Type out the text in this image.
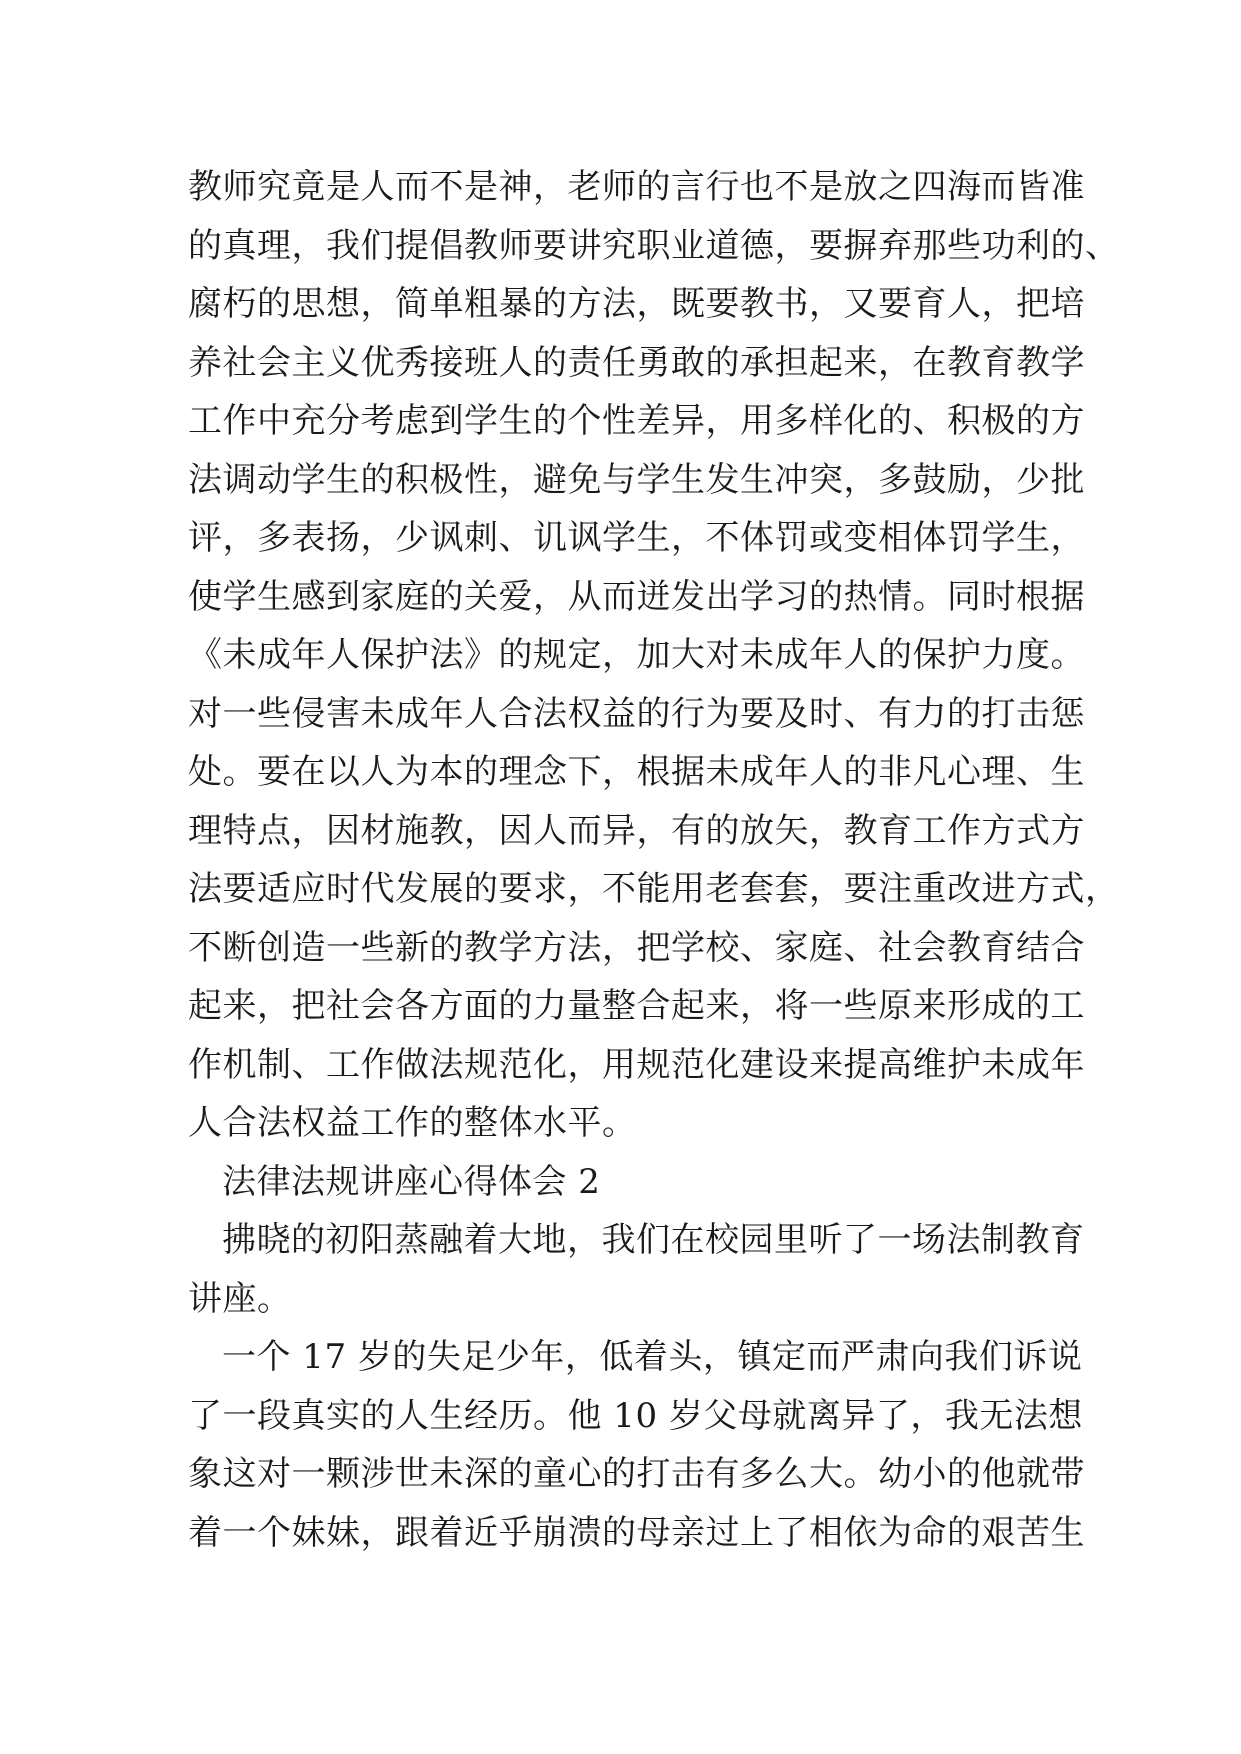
教师究竟是人而不是神，老师的言行也不是放之四海而皆准
的真理，我们提倡教师要讲究职业道德，要摒弃那些功利的、
腐朽的思想，简单粗暴的方法，既要教书，又要育人，把培
养社会主义优秀接班人的责任勇敢的承担起来，在教育教学
工作中充分考虑到学生的个性差异，用多样化的、积极的方
法调动学生的积极性，避免与学生发生冲突，多鼓励，少批
评，多表扬，少讽刺、讥讽学生，不体罚或变相体罚学生，
使学生感到家庭的关爱，从而迸发出学习的热情。同时根据
《未成年人保护法》的规定，加大对未成年人的保护力度。
对一些侵害未成年人合法权益的行为要及时、有力的打击惩
处。要在以人为本的理念下，根据未成年人的非凡心理、生
理特点，因材施教，因人而异，有的放矢，教育工作方式方
法要适应时代发展的要求，不能用老套套，要注重改进方式，
不断创造一些新的教学方法，把学校、家庭、社会教育结合
起来，把社会各方面的力量整合起来，将一些原来形成的工
作机制、工作做法规范化，用规范化建设来提高维护未成年
人合法权益工作的整体水平。
法律法规讲座心得体会 2
拂晓的初阳蒸融着大地，我们在校园里听了一场法制教育
讲座。
一个 17 岁的失足少年，低着头，镇定而严肃向我们诉说
了一段真实的人生经历。他 10 岁父母就离异了，我无法想
象这对一颗涉世未深的童心的打击有多么大。幼小的他就带
着一个妹妹，跟着近乎崩溃的母亲过上了相依为命的艰苦生
